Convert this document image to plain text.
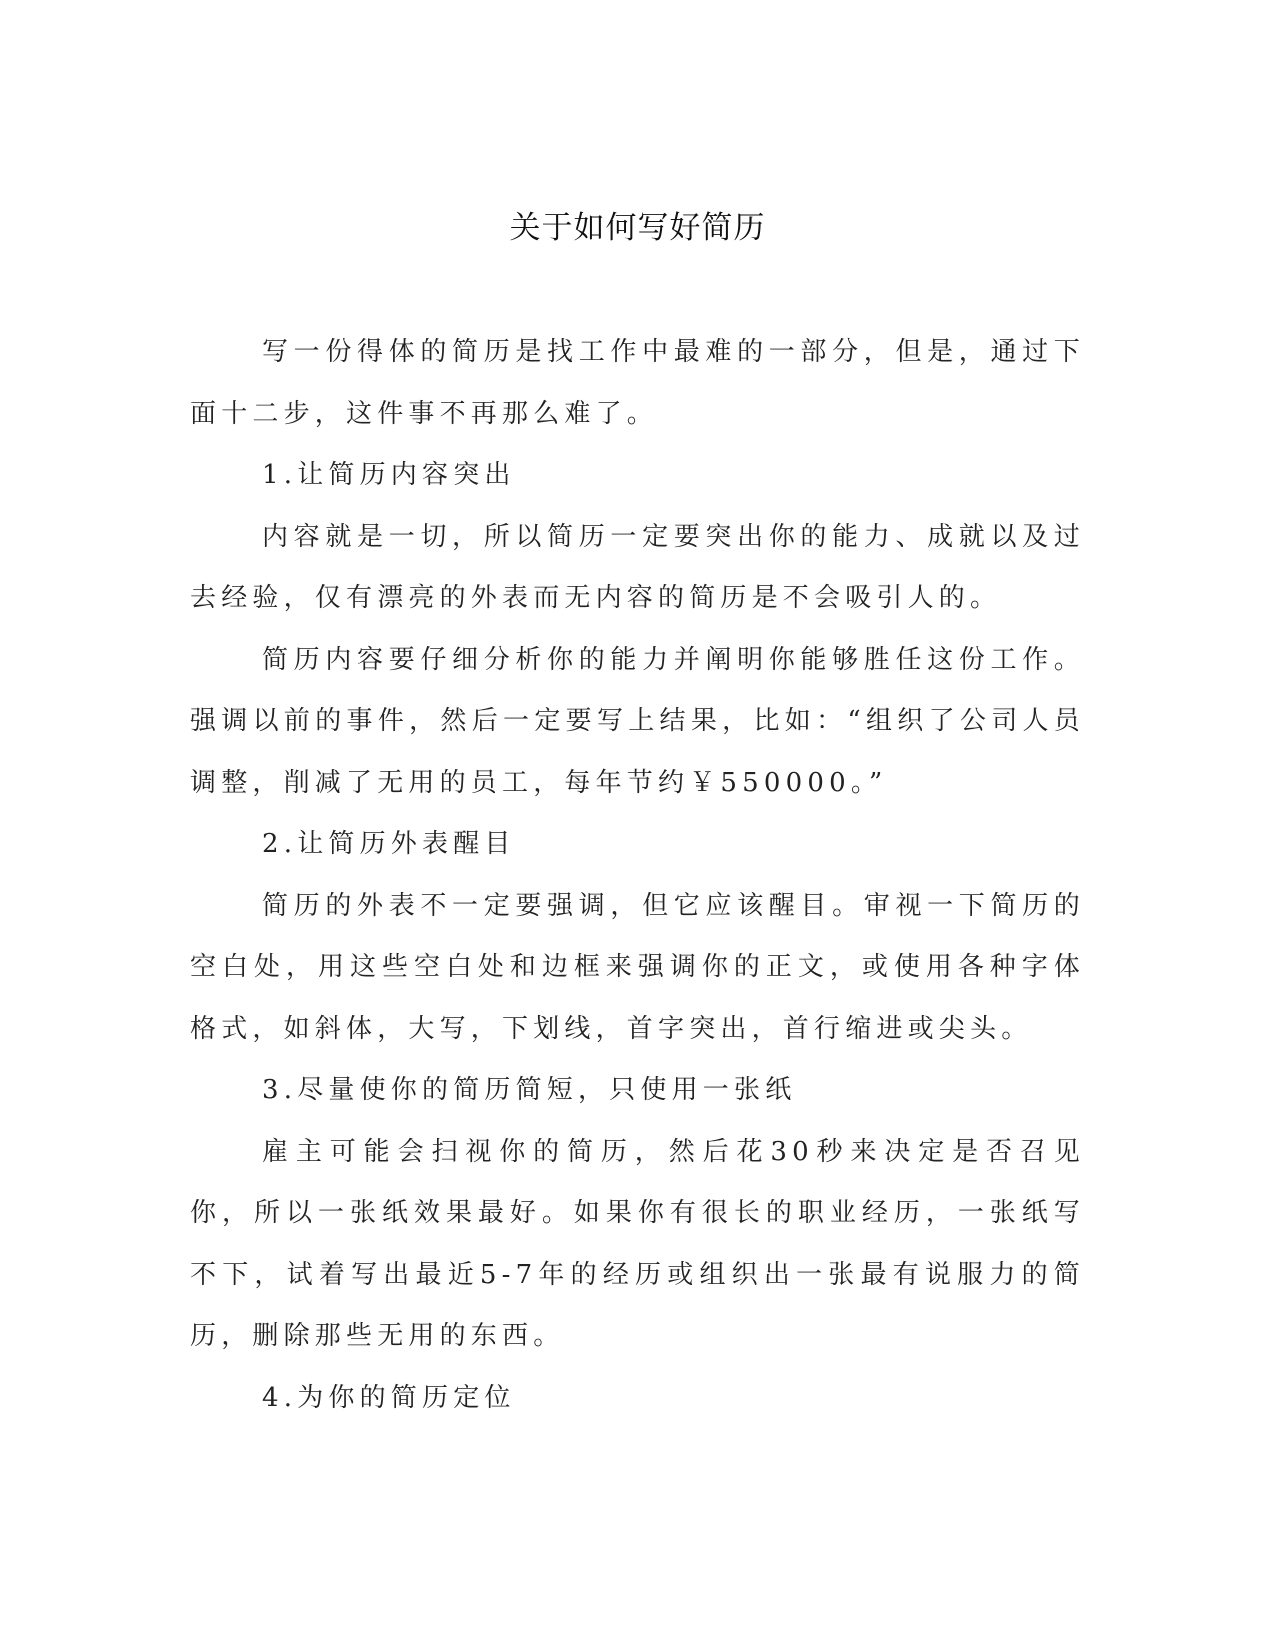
关于如何写好简历

写一份得体的简历是找工作中最难的一部分，但是，通过下面十二步，这件事不再那么难了。

1.让简历内容突出

内容就是一切，所以简历一定要突出你的能力、成就以及过去经验，仅有漂亮的外表而无内容的简历是不会吸引人的。

简历内容要仔细分析你的能力并阐明你能够胜任这份工作。强调以前的事件，然后一定要写上结果，比如：“组织了公司人员调整，削减了无用的员工，每年节约￥550000。”

2.让简历外表醒目

简历的外表不一定要强调，但它应该醒目。审视一下简历的空白处，用这些空白处和边框来强调你的正文，或使用各种字体格式，如斜体，大写，下划线，首字突出，首行缩进或尖头。

3.尽量使你的简历简短，只使用一张纸

雇主可能会扫视你的简历，然后花30秒来决定是否召见你，所以一张纸效果最好。如果你有很长的职业经历，一张纸写不下，试着写出最近5-7年的经历或组织出一张最有说服力的简历，删除那些无用的东西。

4.为你的简历定位
